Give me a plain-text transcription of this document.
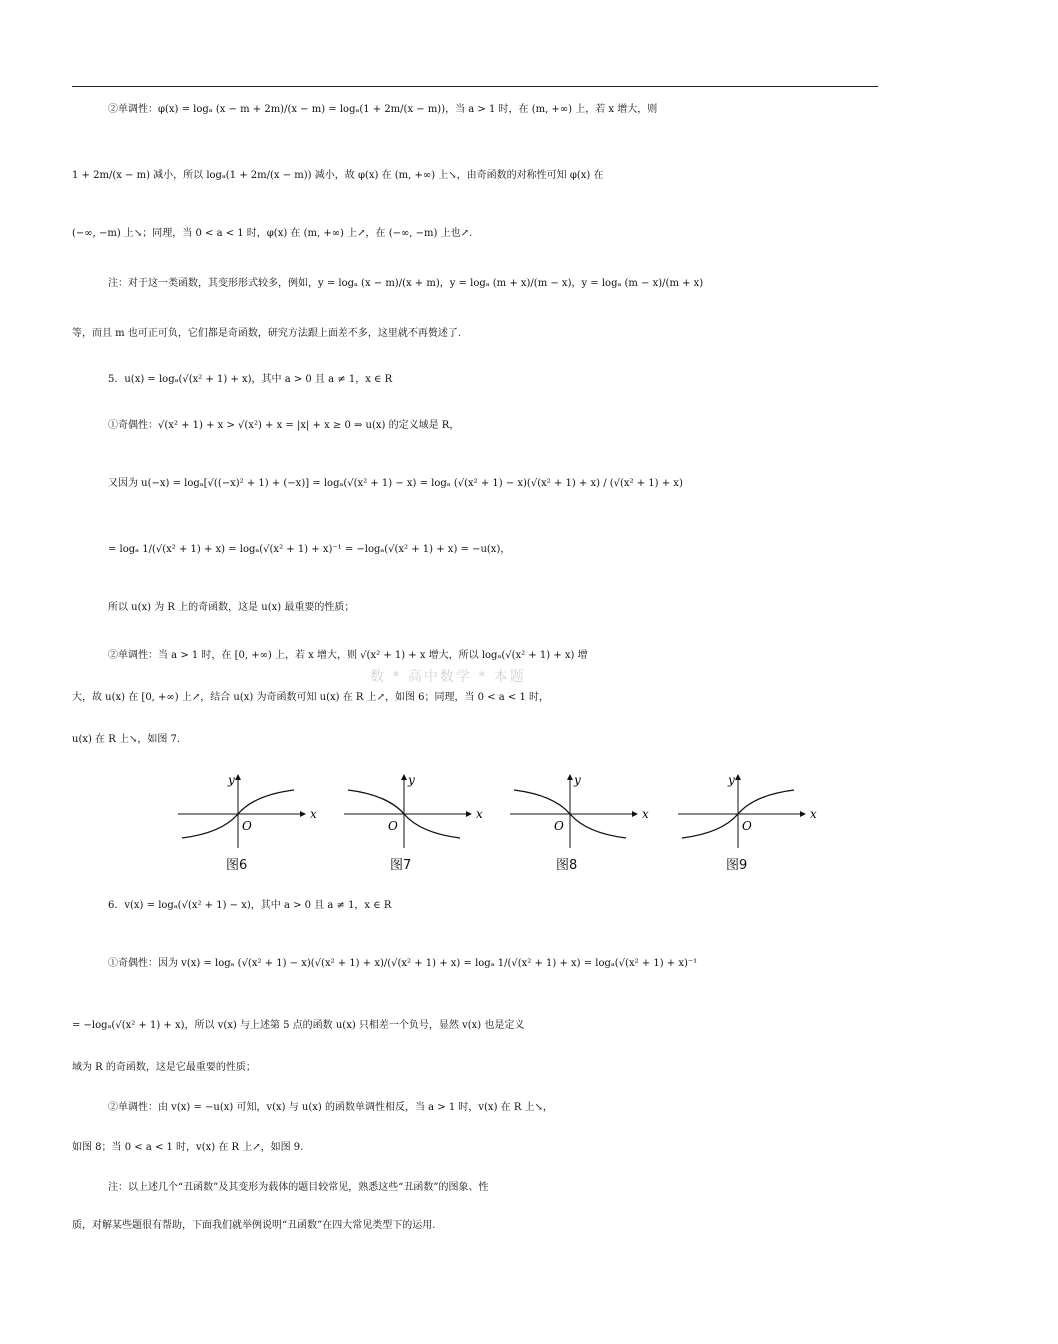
②单调性：φ(x) = logₐ (x − m + 2m)/(x − m) = logₐ(1 + 2m/(x − m))，当 a > 1 时，在 (m, +∞) 上，若 x 增大，则
1 + 2m/(x − m) 减小，所以 logₐ(1 + 2m/(x − m)) 减小，故 φ(x) 在 (m, +∞) 上↘，由奇函数的对称性可知 φ(x) 在
(−∞, −m) 上↘；同理，当 0 < a < 1 时，φ(x) 在 (m, +∞) 上↗，在 (−∞, −m) 上也↗.
注：对于这一类函数，其变形形式较多，例如，y = logₐ (x − m)/(x + m)，y = logₐ (m + x)/(m − x)，y = logₐ (m − x)/(m + x)
等，而且 m 也可正可负，它们都是奇函数，研究方法跟上面差不多，这里就不再赘述了.
5．u(x) = logₐ(√(x² + 1) + x)，其中 a > 0 且 a ≠ 1，x ∈ R
①奇偶性：√(x² + 1) + x > √(x²) + x = |x| + x ≥ 0 ⇒ u(x) 的定义域是 R，
又因为 u(−x) = logₐ[√((−x)² + 1) + (−x)] = logₐ(√(x² + 1) − x) = logₐ (√(x² + 1) − x)(√(x² + 1) + x) / (√(x² + 1) + x)
= logₐ 1/(√(x² + 1) + x) = logₐ(√(x² + 1) + x)⁻¹ = −logₐ(√(x² + 1) + x) = −u(x)，
所以 u(x) 为 R 上的奇函数，这是 u(x) 最重要的性质；
②单调性：当 a > 1 时，在 [0, +∞) 上，若 x 增大，则 √(x² + 1) + x 增大，所以 logₐ(√(x² + 1) + x) 增
大，故 u(x) 在 [0, +∞) 上↗，结合 u(x) 为奇函数可知 u(x) 在 R 上↗，如图 6；同理，当 0 < a < 1 时，
u(x) 在 R 上↘，如图 7.
数 * 高中数学 * 本题
x
y
O
图6
x
y
O
图7
x
y
O
图8
x
y
O
图9
6．v(x) = logₐ(√(x² + 1) − x)，其中 a > 0 且 a ≠ 1，x ∈ R
①奇偶性：因为 v(x) = logₐ (√(x² + 1) − x)(√(x² + 1) + x)/(√(x² + 1) + x) = logₐ 1/(√(x² + 1) + x) = logₐ(√(x² + 1) + x)⁻¹
= −logₐ(√(x² + 1) + x)，所以 v(x) 与上述第 5 点的函数 u(x) 只相差一个负号，显然 v(x) 也是定义
域为 R 的奇函数，这是它最重要的性质；
②单调性：由 v(x) = −u(x) 可知，v(x) 与 u(x) 的函数单调性相反，当 a > 1 时，v(x) 在 R 上↘，
如图 8；当 0 < a < 1 时，v(x) 在 R 上↗，如图 9.
注：以上述几个“丑函数”及其变形为载体的题目较常见，熟悉这些“丑函数”的图象、性
质，对解某些题很有帮助，下面我们就举例说明“丑函数”在四大常见类型下的运用.
